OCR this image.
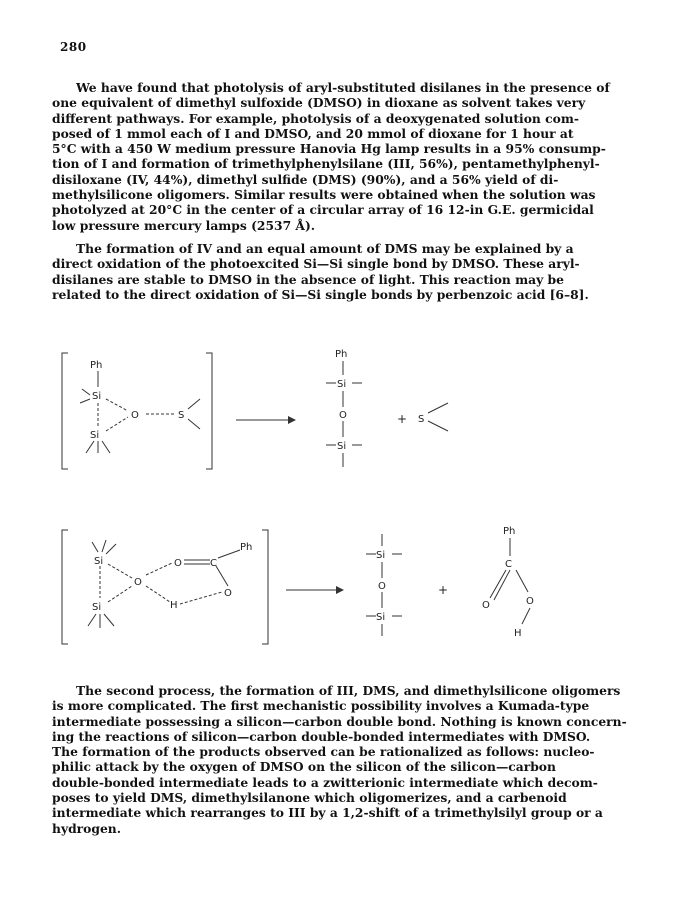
280

We have found that photolysis of aryl-substituted disilanes in the presence of
one equivalent of dimethyl sulfoxide (DMSO) in dioxane as solvent takes very
different pathways. For example, photolysis of a deoxygenated solution com-
posed of 1 mmol each of I and DMSO, and 20 mmol of dioxane for 1 hour at
5°C with a 450 W medium pressure Hanovia Hg lamp results in a 95% consump-
tion of I and formation of trimethylphenylsilane (III, 56%), pentamethylphenyl-
disiloxane (IV, 44%), dimethyl sulfide (DMS) (90%), and a 56% yield of di-
methylsilicone oligomers. Similar results were obtained when the solution was
photolyzed at 20°C in the center of a circular array of 16 12-in G.E. germicidal
low pressure mercury lamps (2537 Å).

The formation of IV and an equal amount of DMS may be explained by a
direct oxidation of the photoexcited Si—Si single bond by DMSO. These aryl-
disilanes are stable to DMSO in the absence of light. This reaction may be
related to the direct oxidation of Si—Si single bonds by perbenzoic acid [6–8].

Ph
Si
Si
O	S
Ph
Si
O
Si
+ S
Si
Si
O
O	C
Ph
H
O
Si
O
Si
+
Ph
C
O	O
H

The second process, the formation of III, DMS, and dimethylsilicone oligomers
is more complicated. The first mechanistic possibility involves a Kumada-type
intermediate possessing a silicon—carbon double bond. Nothing is known concern-
ing the reactions of silicon—carbon double-bonded intermediates with DMSO.
The formation of the products observed can be rationalized as follows: nucleo-
philic attack by the oxygen of DMSO on the silicon of the silicon—carbon
double-bonded intermediate leads to a zwitterionic intermediate which decom-
poses to yield DMS, dimethylsilanone which oligomerizes, and a carbenoid
intermediate which rearranges to III by a 1,2-shift of a trimethylsilyl group or a
hydrogen.
